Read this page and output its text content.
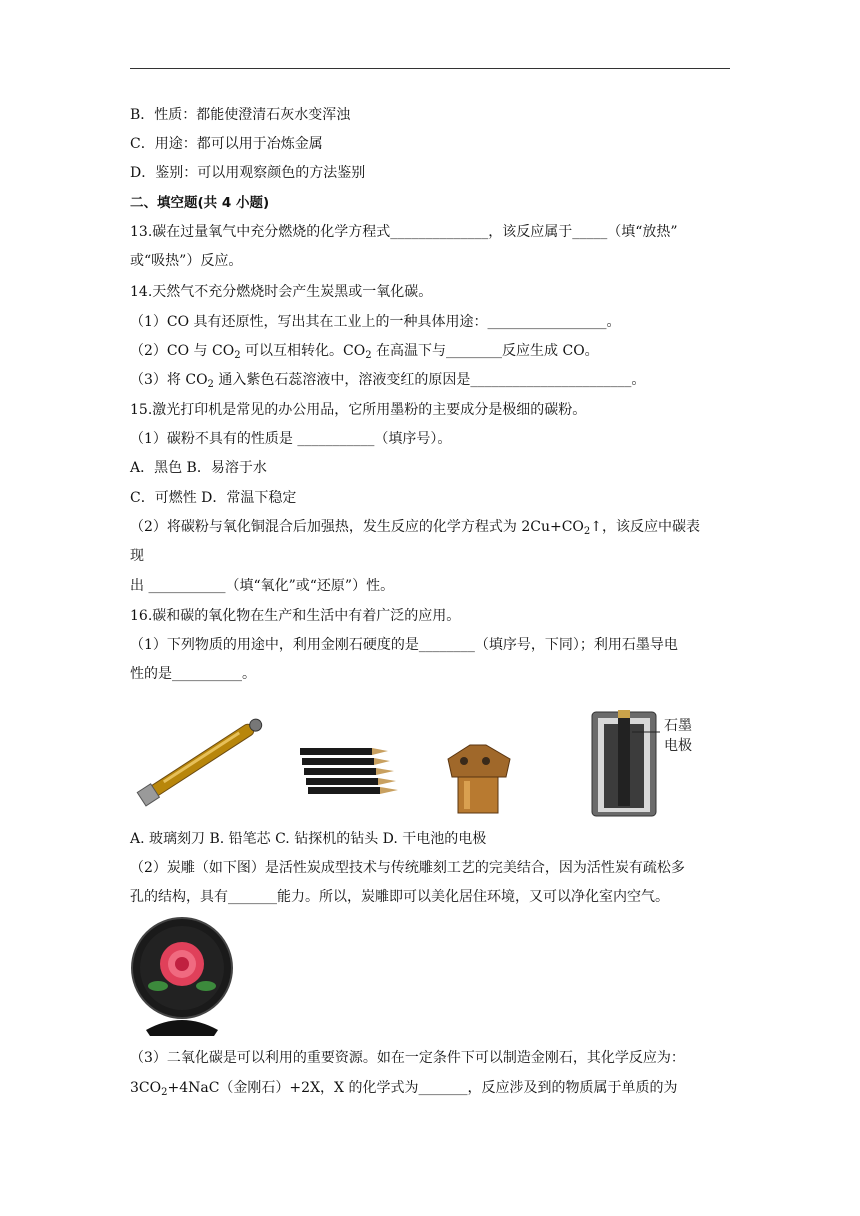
B．性质：都能使澄清石灰水变浑浊
C．用途：都可以用于冶炼金属
D．鉴别：可以用观察颜色的方法鉴别
二、填空题(共 4 小题)
13.碳在过量氧气中充分燃烧的化学方程式______________，该反应属于_____（填“放热”
或“吸热”）反应。
14.天然气不充分燃烧时会产生炭黑或一氧化碳。
（1）CO 具有还原性，写出其在工业上的一种具体用途：_________________。
（2）CO 与 $CO_2$ 可以互相转化。$CO_2$ 在高温下与________反应生成 CO。
（3）将 $CO_2$ 通入紫色石蕊溶液中，溶液变红的原因是_______________________。
15.激光打印机是常见的办公用品，它所用墨粉的主要成分是极细的碳粉。
（1）碳粉不具有的性质是 ___________（填序号）。
A．黑色 B．易溶于水
C．可燃性 D．常温下稳定
（2）将碳粉与氧化铜混合后加强热，发生反应的化学方程式为 $2Cu+CO_2↑$，该反应中碳表
现
出 ___________（填“氧化”或“还原”）性。
16.碳和碳的氧化物在生产和生活中有着广泛的应用。
（1）下列物质的用途中，利用金刚石硬度的是________（填序号，下同）；利用石墨导电
性的是__________。
石墨
电极
A. 玻璃刻刀 B. 铅笔芯 C. 钻探机的钻头 D. 干电池的电极
（2）炭雕（如下图）是活性炭成型技术与传统雕刻工艺的完美结合，因为活性炭有疏松多
孔的结构，具有_______能力。所以，炭雕即可以美化居住环境，又可以净化室内空气。
（3）二氧化碳是可以利用的重要资源。如在一定条件下可以制造金刚石，其化学反应为：
$3CO_2+4NaC$（金刚石）+2X，X 的化学式为_______，反应涉及到的物质属于单质的为
